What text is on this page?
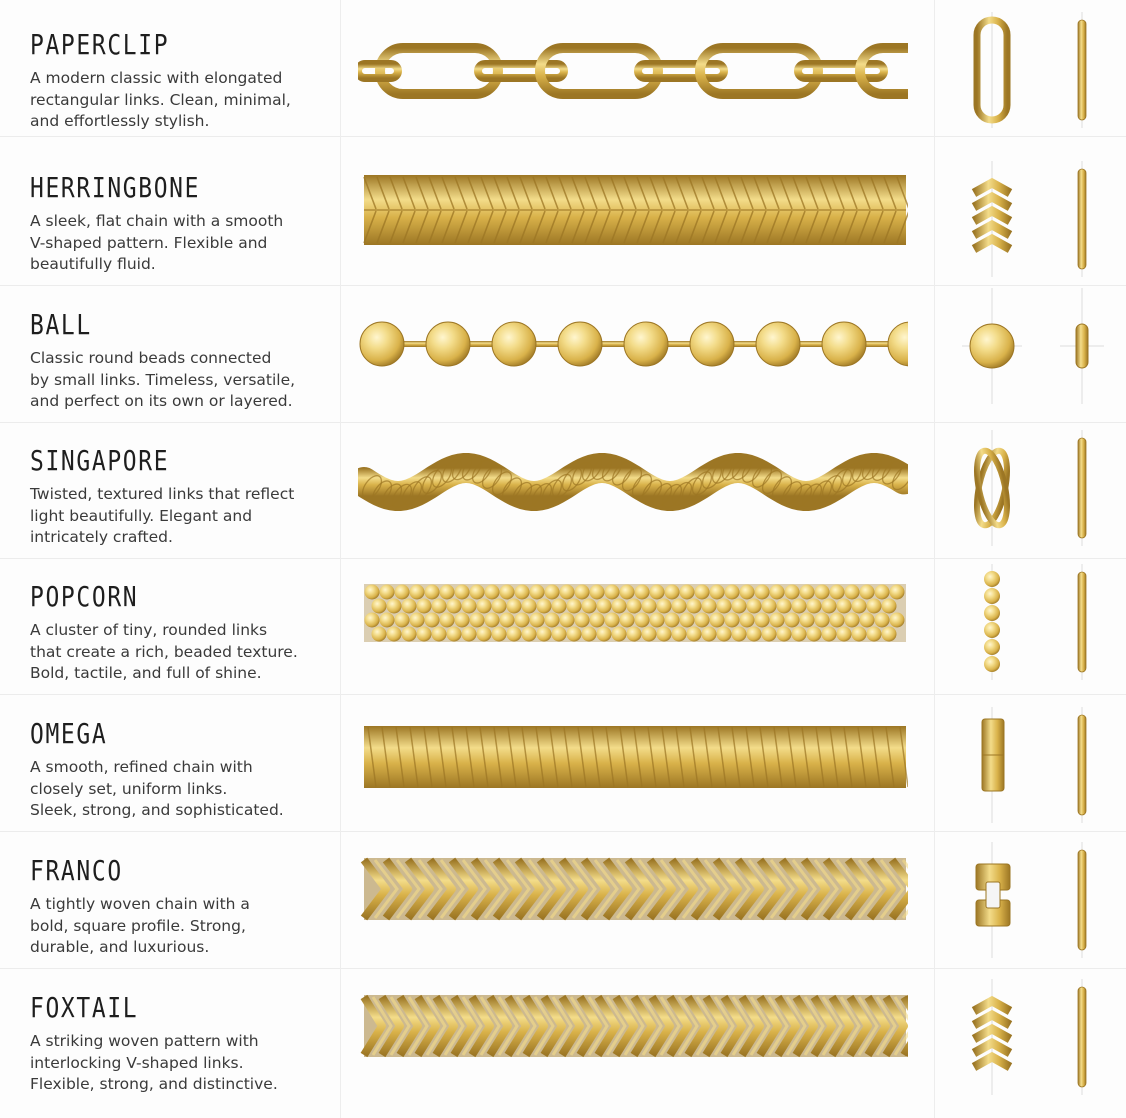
PAPERCLIP
A modern classic with elongated
rectangular links. Clean, minimal,
and effortlessly stylish.
HERRINGBONE
A sleek, flat chain with a smooth
V-shaped pattern. Flexible and
beautifully fluid.
BALL
Classic round beads connected
by small links. Timeless, versatile,
and perfect on its own or layered.
SINGAPORE
Twisted, textured links that reflect
light beautifully. Elegant and
intricately crafted.
POPCORN
A cluster of tiny, rounded links
that create a rich, beaded texture.
Bold, tactile, and full of shine.
OMEGA
A smooth, refined chain with
closely set, uniform links.
Sleek, strong, and sophisticated.
FRANCO
A tightly woven chain with a
bold, square profile. Strong,
durable, and luxurious.
FOXTAIL
A striking woven pattern with
interlocking V-shaped links.
Flexible, strong, and distinctive.
